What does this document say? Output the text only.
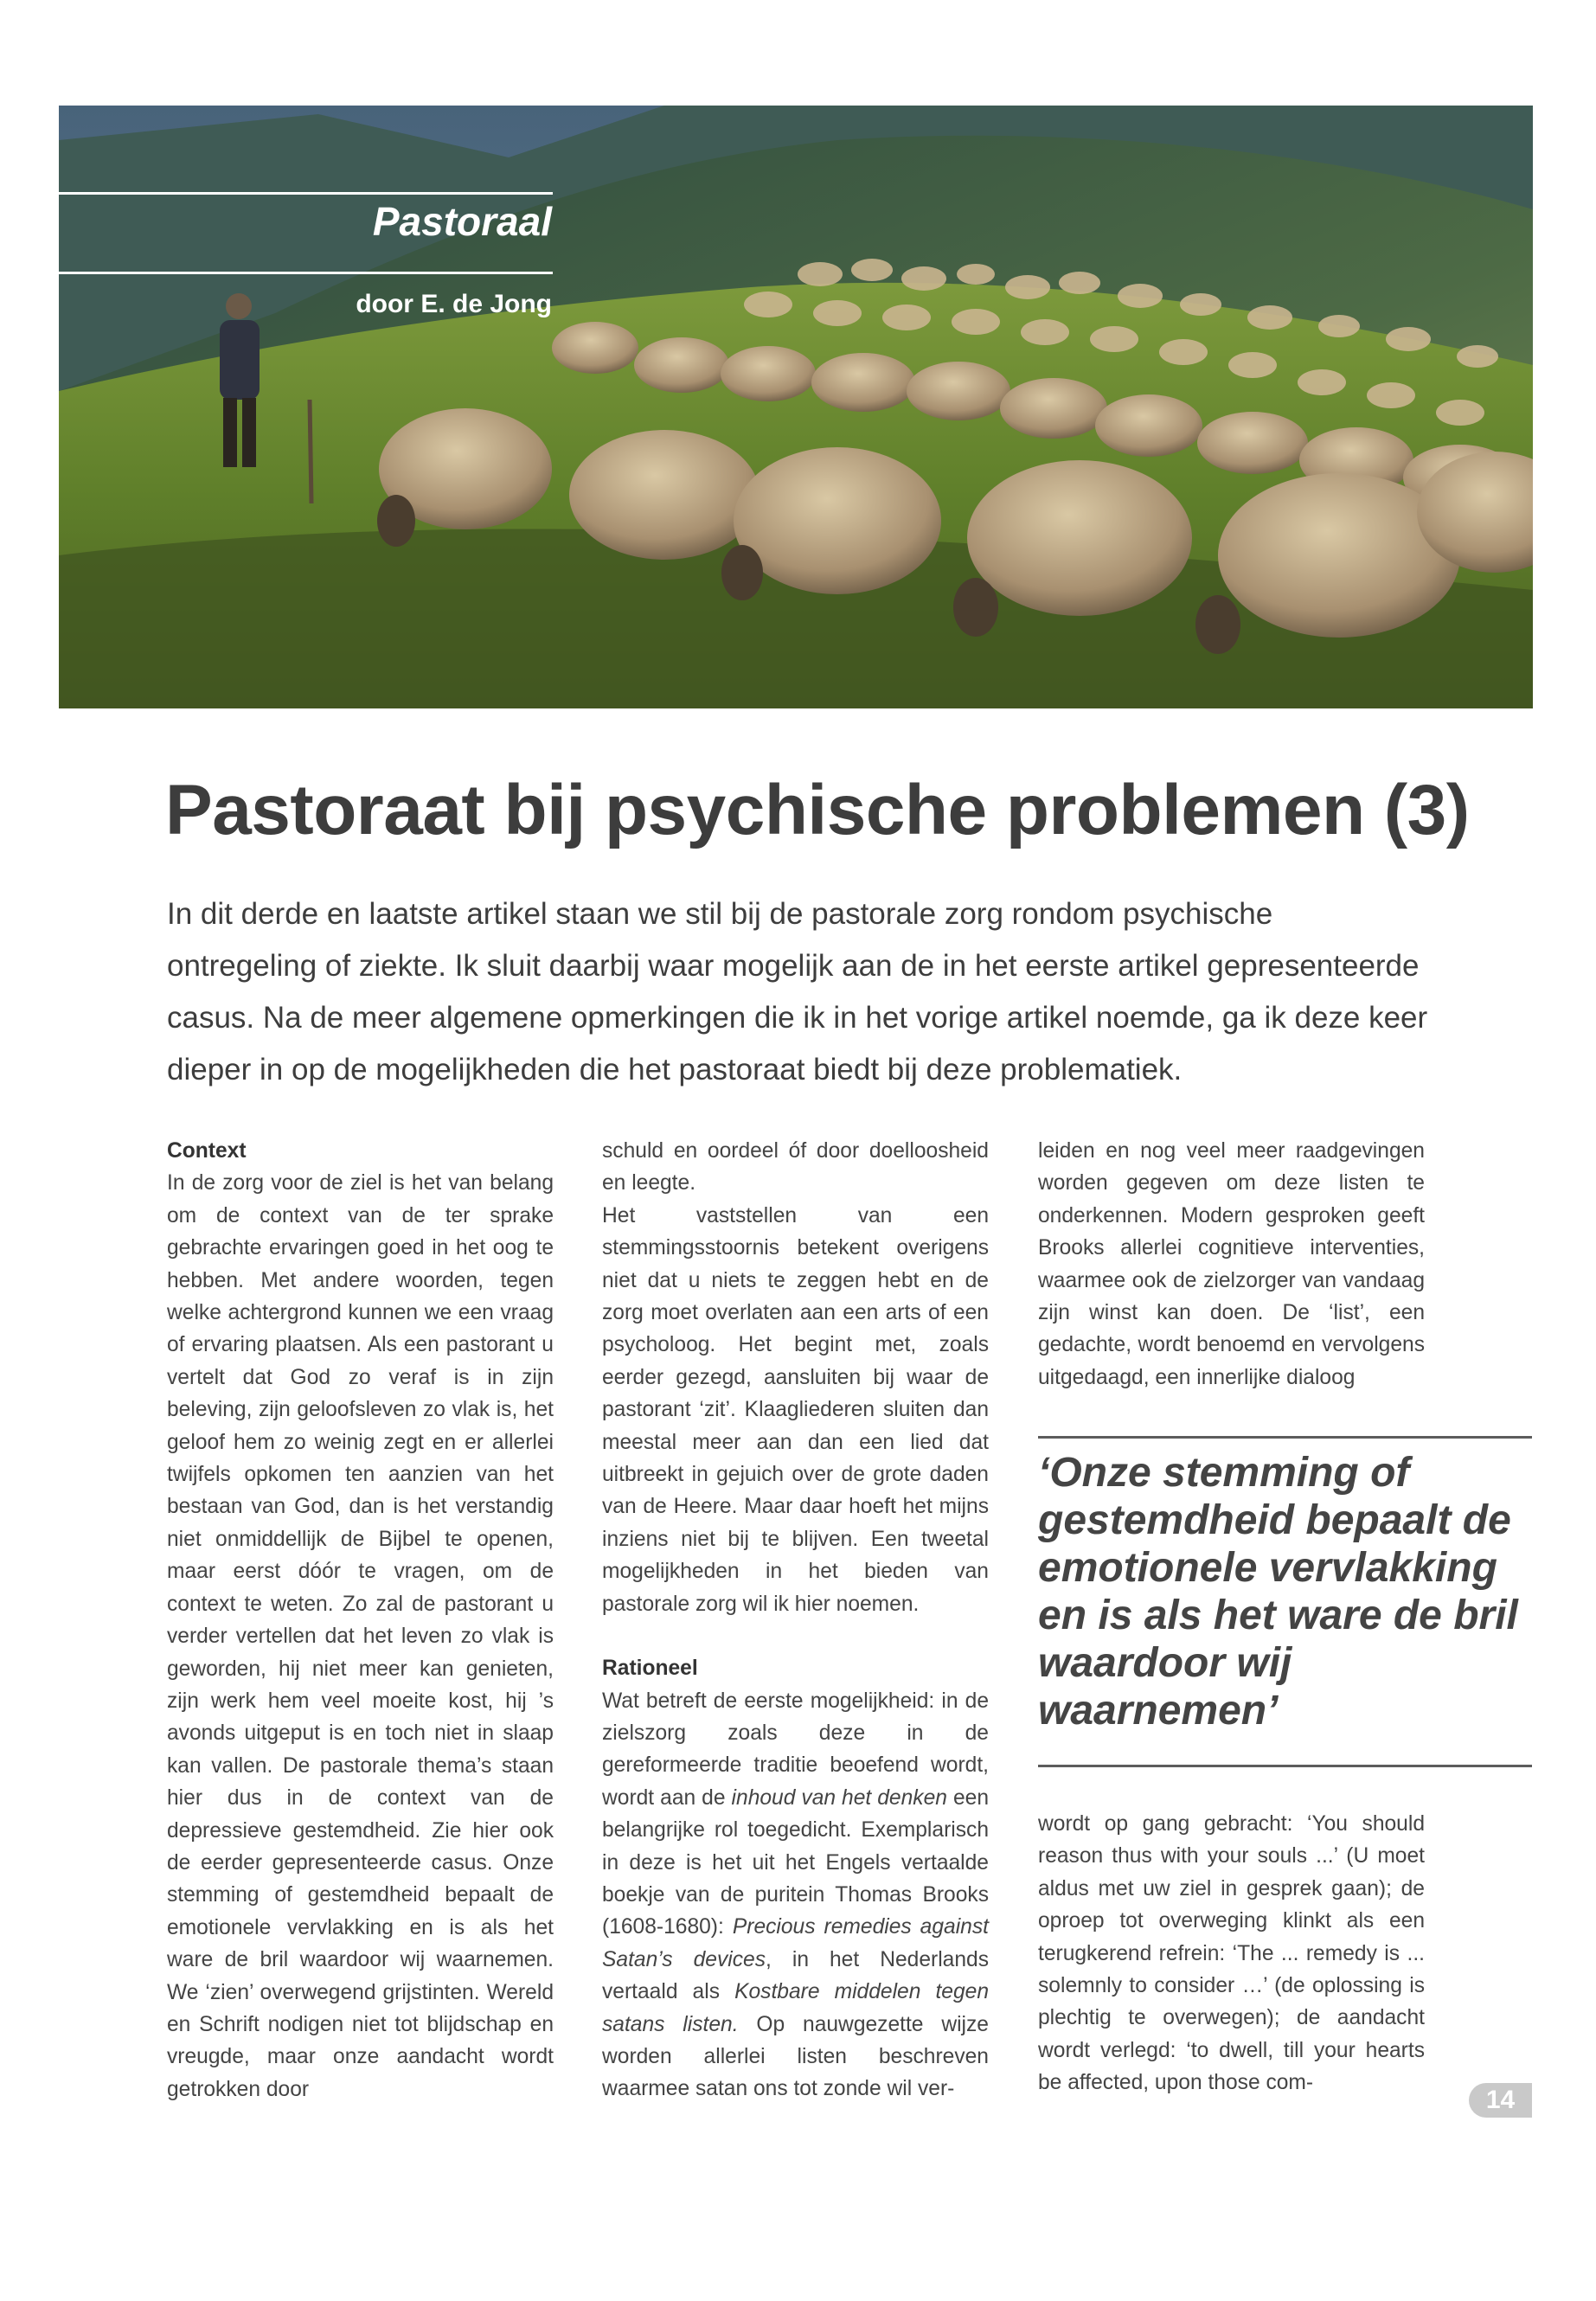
Pastoraal
door E. de Jong
Pastoraat bij psychische problemen (3)

In dit derde en laatste artikel staan we stil bij de pastorale zorg rondom psychische ontregeling of ziekte. Ik sluit daarbij waar mogelijk aan de in het eerste artikel gepresenteerde casus. Na de meer algemene opmerkingen die ik in het vorige artikel noemde, ga ik deze keer dieper in op de mogelijkheden die het pastoraat biedt bij deze problematiek.

Context

In de zorg voor de ziel is het van belang om de context van de ter sprake gebrachte ervaringen goed in het oog te hebben. Met andere woorden, tegen welke achtergrond kunnen we een vraag of ervaring plaatsen. Als een pastorant u vertelt dat God zo veraf is in zijn beleving, zijn geloofsleven zo vlak is, het geloof hem zo weinig zegt en er allerlei twijfels opkomen ten aanzien van het bestaan van God, dan is het verstandig niet onmiddellijk de Bijbel te openen, maar eerst dóór te vragen, om de context te weten. Zo zal de pastorant u verder vertellen dat het leven zo vlak is geworden, hij niet meer kan genieten, zijn werk hem veel moeite kost, hij ’s avonds uitgeput is en toch niet in slaap kan vallen. De pastorale thema’s staan hier dus in de context van de depressieve gestemdheid. Zie hier ook de eerder gepresenteerde casus. Onze stemming of gestemdheid bepaalt de emotionele vervlakking en is als het ware de bril waardoor wij waarnemen. We ‘zien’ overwegend grijstinten. Wereld en Schrift nodigen niet tot blijdschap en vreugde, maar onze aandacht wordt getrokken door

schuld en oordeel óf door doelloosheid en leegte.

Het vaststellen van een stemmingsstoornis betekent overigens niet dat u niets te zeggen hebt en de zorg moet overlaten aan een arts of een psycholoog. Het begint met, zoals eerder gezegd, aansluiten bij waar de pastorant ‘zit’. Klaagliederen sluiten dan meestal meer aan dan een lied dat uitbreekt in gejuich over de grote daden van de Heere. Maar daar hoeft het mijns inziens niet bij te blijven. Een tweetal mogelijkheden in het bieden van pastorale zorg wil ik hier noemen.

Rationeel

Wat betreft de eerste mogelijkheid: in de zielszorg zoals deze in de gereformeerde traditie beoefend wordt, wordt aan de inhoud van het denken een belangrijke rol toegedicht. Exemplarisch in deze is het uit het Engels vertaalde boekje van de puritein Thomas Brooks (1608-1680): Precious remedies against Satan’s devices, in het Nederlands vertaald als Kostbare middelen tegen satans listen. Op nauwgezette wijze worden allerlei listen beschreven waarmee satan ons tot zonde wil ver-

leiden en nog veel meer raadgevingen worden gegeven om deze listen te onderkennen. Modern gesproken geeft Brooks allerlei cognitieve interventies, waarmee ook de zielzorger van vandaag zijn winst kan doen. De ‘list’, een gedachte, wordt benoemd en vervolgens uitgedaagd, een innerlijke dialoog

‘Onze stemming of gestemdheid bepaalt de emotionele vervlakking en is als het ware de bril waardoor wij waarnemen’

wordt op gang gebracht: ‘You should reason thus with your souls ...’ (U moet aldus met uw ziel in gesprek gaan); de oproep tot overweging klinkt als een terugkerend refrein: ‘The ... remedy is ... solemnly to consider …’ (de oplossing is plechtig te overwegen); de aandacht wordt verlegd: ‘to dwell, till your hearts be affected, upon those com-

14
